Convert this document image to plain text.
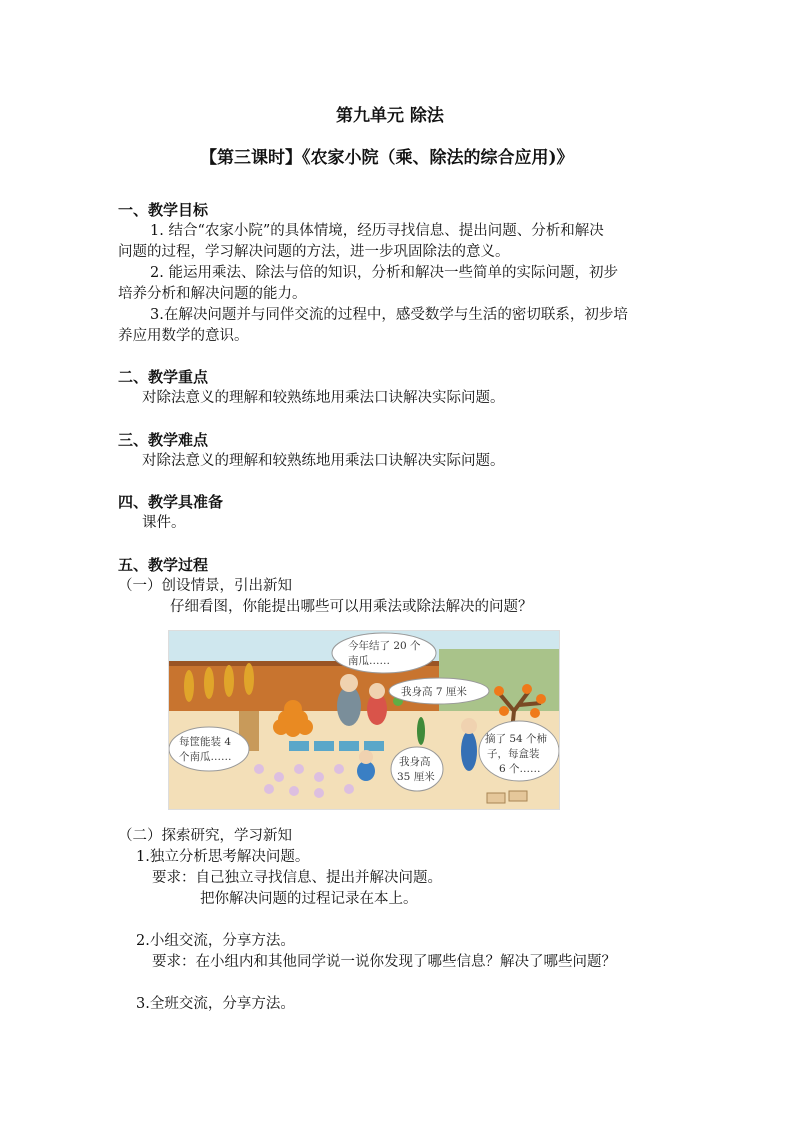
第九单元 除法
【第三课时】《农家小院（乘、除法的综合应用)》
一、教学目标
1. 结合“农家小院”的具体情境，经历寻找信息、提出问题、分析和解决
问题的过程，学习解决问题的方法，进一步巩固除法的意义。
2. 能运用乘法、除法与倍的知识，分析和解决一些简单的实际问题，初步
培养分析和解决问题的能力。
3.在解决问题并与同伴交流的过程中，感受数学与生活的密切联系，初步培
养应用数学的意识。
二、教学重点
对除法意义的理解和较熟练地用乘法口诀解决实际问题。
三、教学难点
对除法意义的理解和较熟练地用乘法口诀解决实际问题。
四、教学具准备
课件。
五、教学过程
（一）创设情景，引出新知
仔细看图，你能提出哪些可以用乘法或除法解决的问题？
今年结了 20 个
南瓜……
我身高 7 厘米
每筐能装 4
个南瓜……	我身高
35 厘米
摘了 54 个柿
子，每盒装
6 个……
（二）探索研究，学习新知
1.独立分析思考解决问题。
要求：自己独立寻找信息、提出并解决问题。
把你解决问题的过程记录在本上。
2.小组交流，分享方法。
要求：在小组内和其他同学说一说你发现了哪些信息？解决了哪些问题？
3.全班交流，分享方法。
